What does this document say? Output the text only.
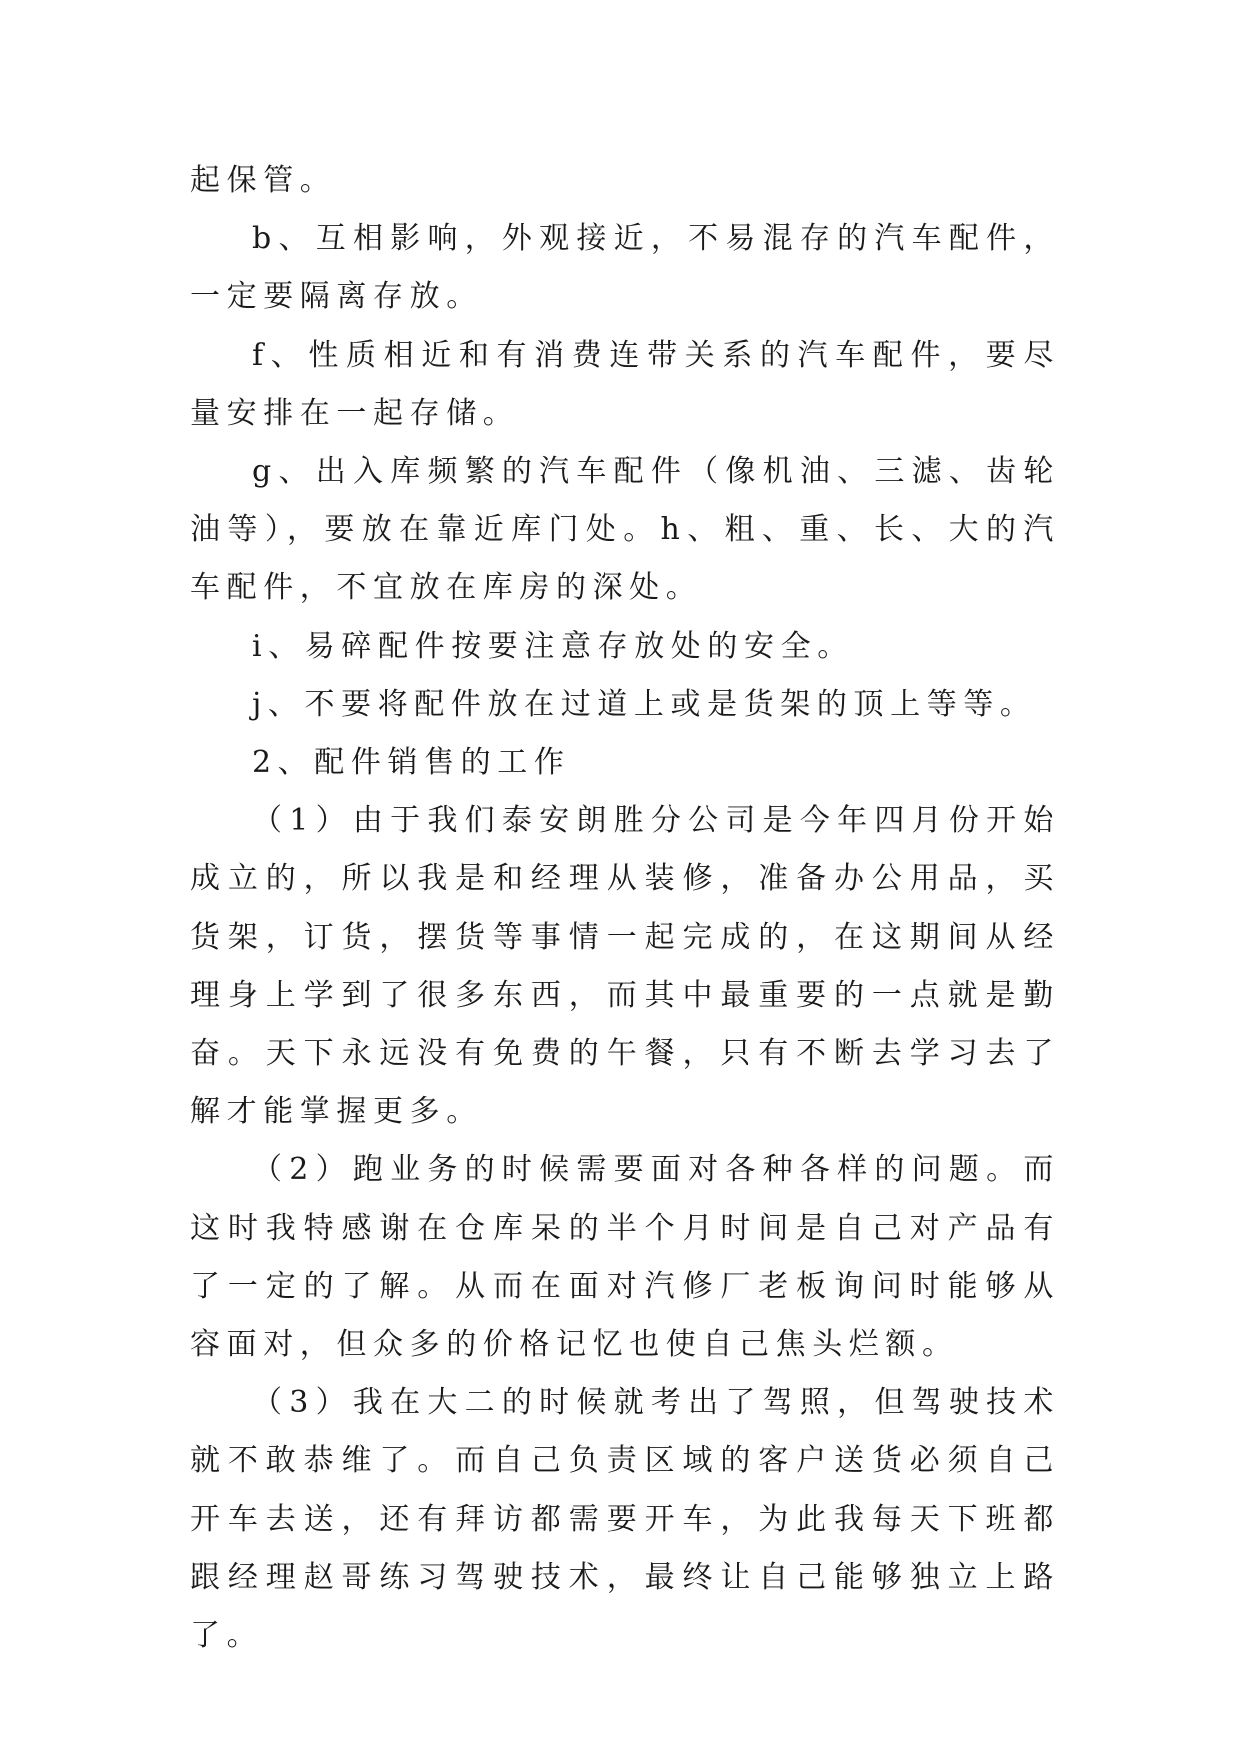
起保管。

b、互相影响，外观接近，不易混存的汽车配件，一定要隔离存放。

f、性质相近和有消费连带关系的汽车配件，要尽量安排在一起存储。

g、出入库频繁的汽车配件（像机油、三滤、齿轮油等），要放在靠近库门处。h、粗、重、长、大的汽车配件，不宜放在库房的深处。

i、易碎配件按要注意存放处的安全。

j、不要将配件放在过道上或是货架的顶上等等。

2、配件销售的工作

（1）由于我们泰安朗胜分公司是今年四月份开始成立的，所以我是和经理从装修，准备办公用品，买货架，订货，摆货等事情一起完成的，在这期间从经理身上学到了很多东西，而其中最重要的一点就是勤奋。天下永远没有免费的午餐，只有不断去学习去了解才能掌握更多。

（2）跑业务的时候需要面对各种各样的问题。而这时我特感谢在仓库呆的半个月时间是自己对产品有了一定的了解。从而在面对汽修厂老板询问时能够从容面对，但众多的价格记忆也使自己焦头烂额。

（3）我在大二的时候就考出了驾照，但驾驶技术就不敢恭维了。而自己负责区域的客户送货必须自己开车去送，还有拜访都需要开车，为此我每天下班都跟经理赵哥练习驾驶技术，最终让自己能够独立上路了。
